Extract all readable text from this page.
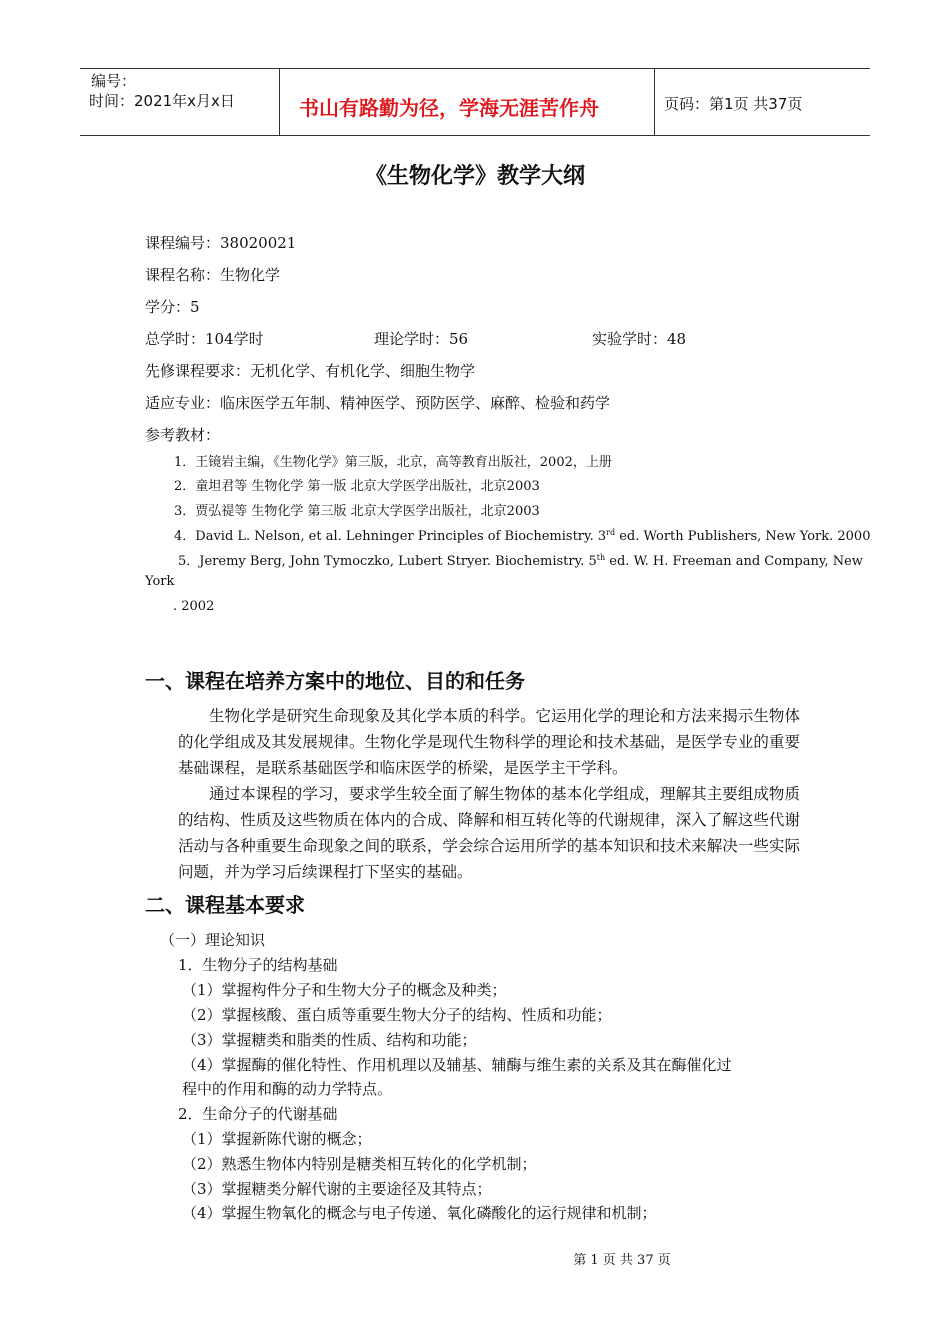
编号：
时间：2021年x月x日	书山有路勤为径，学海无涯苦作舟	页码：第1页 共37页
《生物化学》教学大纲
课程编号：38020021
课程名称：生物化学
学分：5
总学时：104学时	理论学时：56	实验学时：48
先修课程要求：无机化学、有机化学、细胞生物学
适应专业：临床医学五年制、精神医学、预防医学、麻醉、检验和药学
参考教材：
1．王镜岩主编，《生物化学》第三版，北京，高等教育出版社，2002，上册
2．童坦君等 生物化学 第一版 北京大学医学出版社，北京2003
3．贾弘禔等 生物化学 第三版 北京大学医学出版社，北京2003
4．David L. Nelson, et al. Lehninger Principles of Biochemistry. 3rd ed. Worth Publishers, New York. 2000
5．Jeremy Berg, John Tymoczko, Lubert Stryer. Biochemistry. 5th ed. W. H. Freeman and Company, New
York
. 2002
一、课程在培养方案中的地位、目的和任务

生物化学是研究生命现象及其化学本质的科学。它运用化学的理论和方法来揭示生物体的化学组成及其发展规律。生物化学是现代生物科学的理论和技术基础，是医学专业的重要基础课程，是联系基础医学和临床医学的桥梁，是医学主干学科。

通过本课程的学习，要求学生较全面了解生物体的基本化学组成，理解其主要组成物质的结构、性质及这些物质在体内的合成、降解和相互转化等的代谢规律，深入了解这些代谢活动与各种重要生命现象之间的联系，学会综合运用所学的基本知识和技术来解决一些实际问题，并为学习后续课程打下坚实的基础。

二、课程基本要求
（一）理论知识
1．生物分子的结构基础
（1）掌握构件分子和生物大分子的概念及种类；
（2）掌握核酸、蛋白质等重要生物大分子的结构、性质和功能；
（3）掌握糖类和脂类的性质、结构和功能；
（4）掌握酶的催化特性、作用机理以及辅基、辅酶与维生素的关系及其在酶催化过
程中的作用和酶的动力学特点。
2．生命分子的代谢基础
（1）掌握新陈代谢的概念；
（2）熟悉生物体内特别是糖类相互转化的化学机制；
（3）掌握糖类分解代谢的主要途径及其特点；
（4）掌握生物氧化的概念与电子传递、氧化磷酸化的运行规律和机制；
第 1 页 共 37 页
